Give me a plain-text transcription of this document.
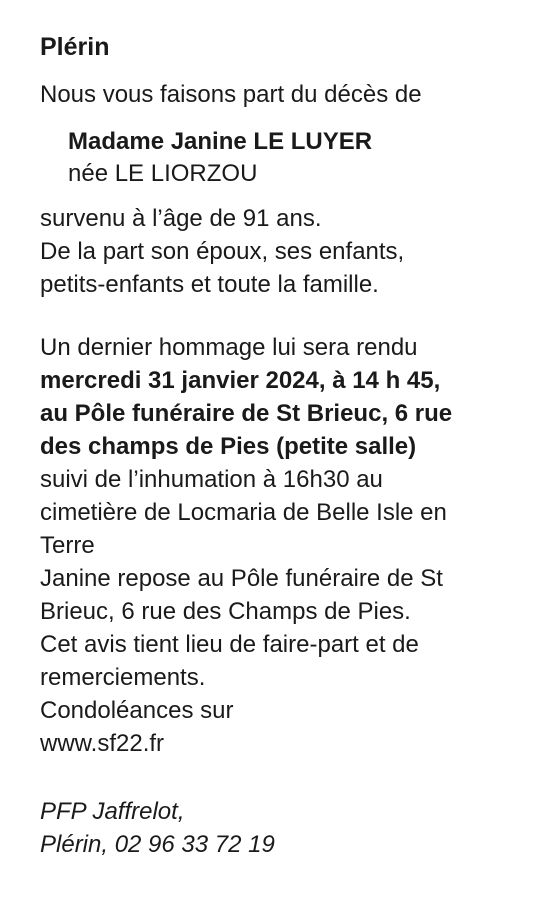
Plérin
Nous vous faisons part du décès de
Madame Janine LE LUYER
née LE LIORZOU
survenu à l’âge de 91 ans.
De la part son époux, ses enfants,
petits-enfants et toute la famille.
Un dernier hommage lui sera rendu
mercredi 31 janvier 2024, à 14 h 45,
au Pôle funéraire de St Brieuc, 6 rue
des champs de Pies (petite salle)
suivi de l’inhumation à 16h30 au
cimetière de Locmaria de Belle Isle en
Terre
Janine repose au Pôle funéraire de St
Brieuc, 6 rue des Champs de Pies.
Cet avis tient lieu de faire-part et de
remerciements.
Condoléances sur
www.sf22.fr
PFP Jaffrelot,
Plérin, 02 96 33 72 19
